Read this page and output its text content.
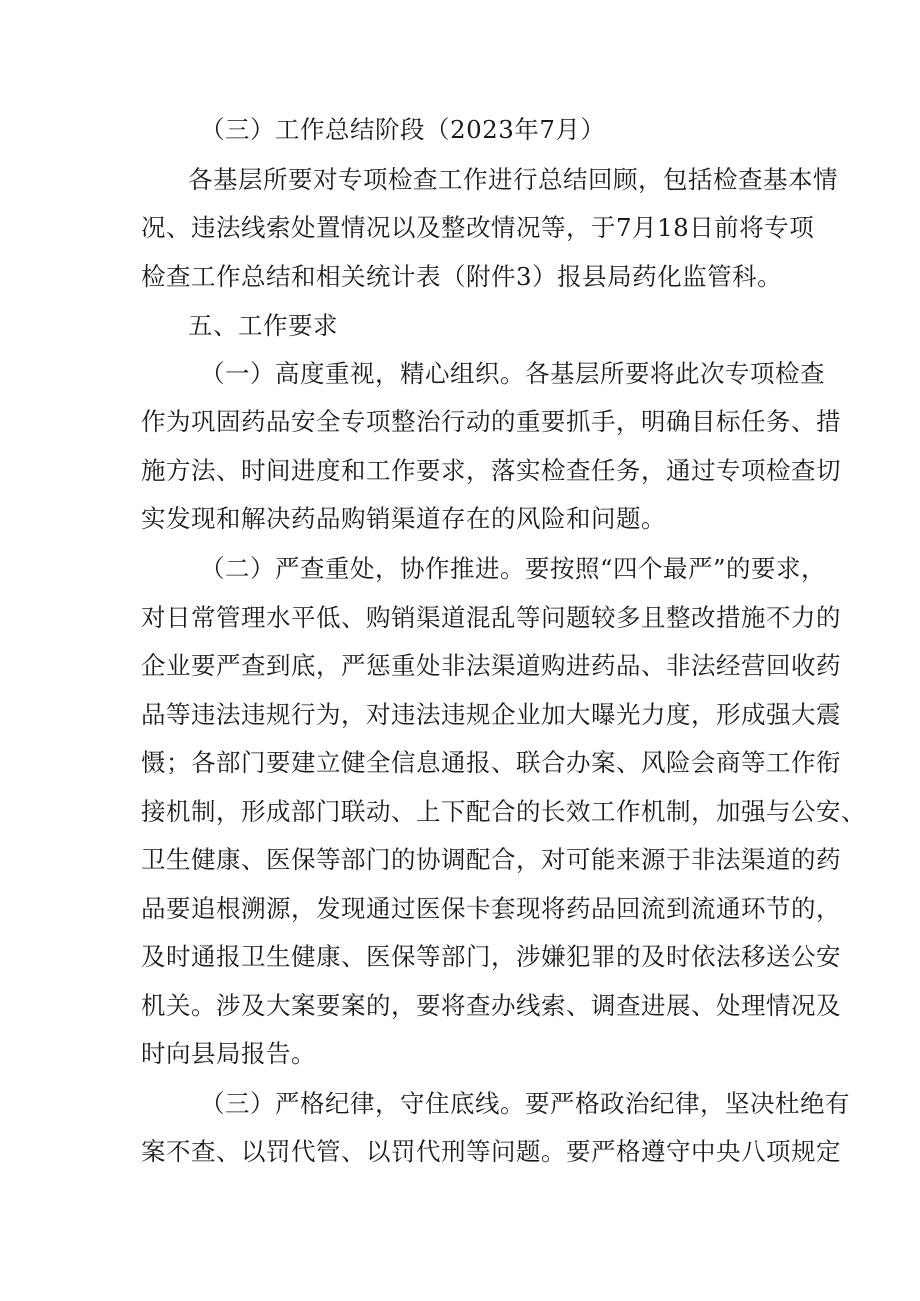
（三）工作总结阶段（2023年7月）
各基层所要对专项检查工作进行总结回顾，包括检查基本情
况、违法线索处置情况以及整改情况等，于7月18日前将专项
检查工作总结和相关统计表（附件3）报县局药化监管科。
五、工作要求
（一）高度重视，精心组织。各基层所要将此次专项检查
作为巩固药品安全专项整治行动的重要抓手，明确目标任务、措
施方法、时间进度和工作要求，落实检查任务，通过专项检查切
实发现和解决药品购销渠道存在的风险和问题。
（二）严查重处，协作推进。要按照“四个最严”的要求，
对日常管理水平低、购销渠道混乱等问题较多且整改措施不力的
企业要严查到底，严惩重处非法渠道购进药品、非法经营回收药
品等违法违规行为，对违法违规企业加大曝光力度，形成强大震
慑；各部门要建立健全信息通报、联合办案、风险会商等工作衔
接机制，形成部门联动、上下配合的长效工作机制，加强与公安、
卫生健康、医保等部门的协调配合，对可能来源于非法渠道的药
品要追根溯源，发现通过医保卡套现将药品回流到流通环节的，
及时通报卫生健康、医保等部门，涉嫌犯罪的及时依法移送公安
机关。涉及大案要案的，要将查办线索、调查进展、处理情况及
时向县局报告。
（三）严格纪律，守住底线。要严格政治纪律，坚决杜绝有
案不查、以罚代管、以罚代刑等问题。要严格遵守中央八项规定
